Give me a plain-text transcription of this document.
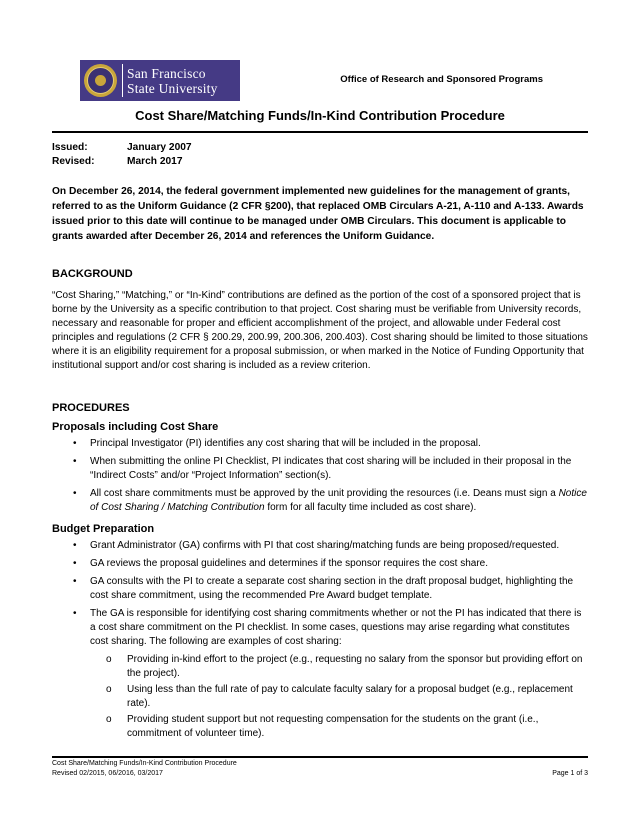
San Francisco
State University
Office of Research and Sponsored Programs
Cost Share/Matching Funds/In-Kind Contribution Procedure
Issued:	January 2007
Revised:	March 2017
On December 26, 2014, the federal government implemented new guidelines for the management of grants, referred to as the Uniform Guidance (2 CFR §200), that replaced OMB Circulars A-21, A-110 and A-133. Awards issued prior to this date will continue to be managed under OMB Circulars. This document is applicable to grants awarded after December 26, 2014 and references the Uniform Guidance.
BACKGROUND
“Cost Sharing,” “Matching,” or “In-Kind” contributions are defined as the portion of the cost of a sponsored project that is borne by the University as a specific contribution to that project. Cost sharing must be verifiable from University records, necessary and reasonable for proper and efficient accomplishment of the project, and allowable under Federal cost principles and regulations (2 CFR § 200.29, 200.99, 200.306, 200.403). Cost sharing should be limited to those situations where it is an eligibility requirement for a proposal submission, or when marked in the Notice of Funding Opportunity that institutional support and/or cost sharing is included as a review criterion.
PROCEDURES
Proposals including Cost Share
• Principal Investigator (PI) identifies any cost sharing that will be included in the proposal.
• When submitting the online PI Checklist, PI indicates that cost sharing will be included in their proposal in the “Indirect Costs” and/or “Project Information” section(s).
• All cost share commitments must be approved by the unit providing the resources (i.e. Deans must sign a Notice of Cost Sharing / Matching Contribution form for all faculty time included as cost share).
Budget Preparation
• Grant Administrator (GA) confirms with PI that cost sharing/matching funds are being proposed/requested.
• GA reviews the proposal guidelines and determines if the sponsor requires the cost share.
• GA consults with the PI to create a separate cost sharing section in the draft proposal budget, highlighting the cost share commitment, using the recommended Pre Award budget template.
• The GA is responsible for identifying cost sharing commitments whether or not the PI has indicated that there is a cost share commitment on the PI checklist. In some cases, questions may arise regarding what constitutes cost sharing. The following are examples of cost sharing:
o Providing in-kind effort to the project (e.g., requesting no salary from the sponsor but providing effort on the project).
o Using less than the full rate of pay to calculate faculty salary for a proposal budget (e.g., replacement rate).
o Providing student support but not requesting compensation for the students on the grant (i.e., commitment of volunteer time).
Cost Share/Matching Funds/In-Kind Contribution Procedure
Revised 02/2015, 06/2016, 03/2017	Page 1 of 3
